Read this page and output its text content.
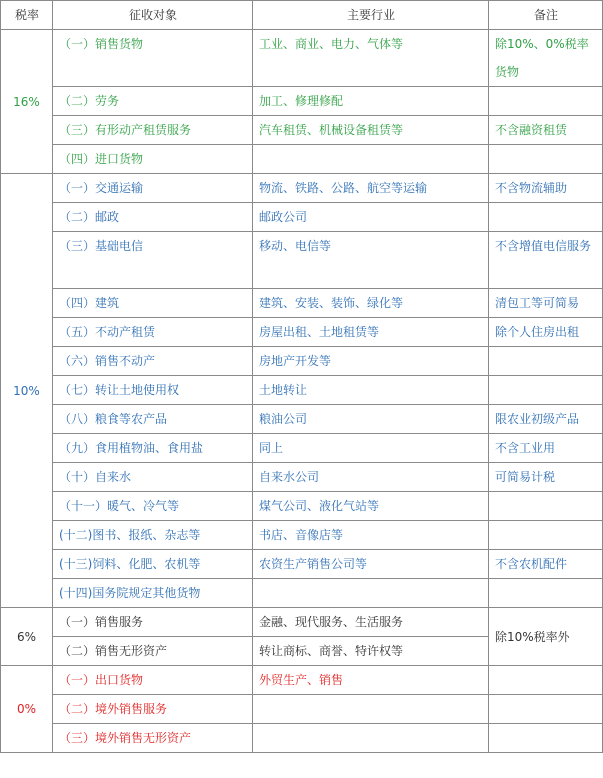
税率	征收对象	主要行业	备注
16%	（一）销售货物	工业、商业、电力、气体等	除10%、0%税率货物
	（二）劳务	加工、修理修配	
	（三）有形动产租赁服务	汽车租赁、机械设备租赁等	不含融资租赁
	（四）进口货物		
10%	（一）交通运输	物流、铁路、公路、航空等运输	不含物流辅助
	（二）邮政	邮政公司	
	（三）基础电信	移动、电信等	不含增值电信服务
	（四）建筑	建筑、安装、装饰、绿化等	清包工等可简易
	（五）不动产租赁	房屋出租、土地租赁等	除个人住房出租
	（六）销售不动产	房地产开发等	
	（七）转让土地使用权	土地转让	
	（八）粮食等农产品	粮油公司	限农业初级产品
	（九）食用植物油、食用盐	同上	不含工业用
	（十）自来水	自来水公司	可简易计税
	（十一）暖气、冷气等	煤气公司、液化气站等	
	(十二)图书、报纸、杂志等	书店、音像店等	
	(十三)饲料、化肥、农机等	农资生产销售公司等	不含农机配件
	(十四)国务院规定其他货物		
6%	（一）销售服务	金融、现代服务、生活服务	除10%税率外
	（二）销售无形资产	转让商标、商誉、特许权等	
0%	（一）出口货物	外贸生产、销售	
	（二）境外销售服务		
	（三）境外销售无形资产		
